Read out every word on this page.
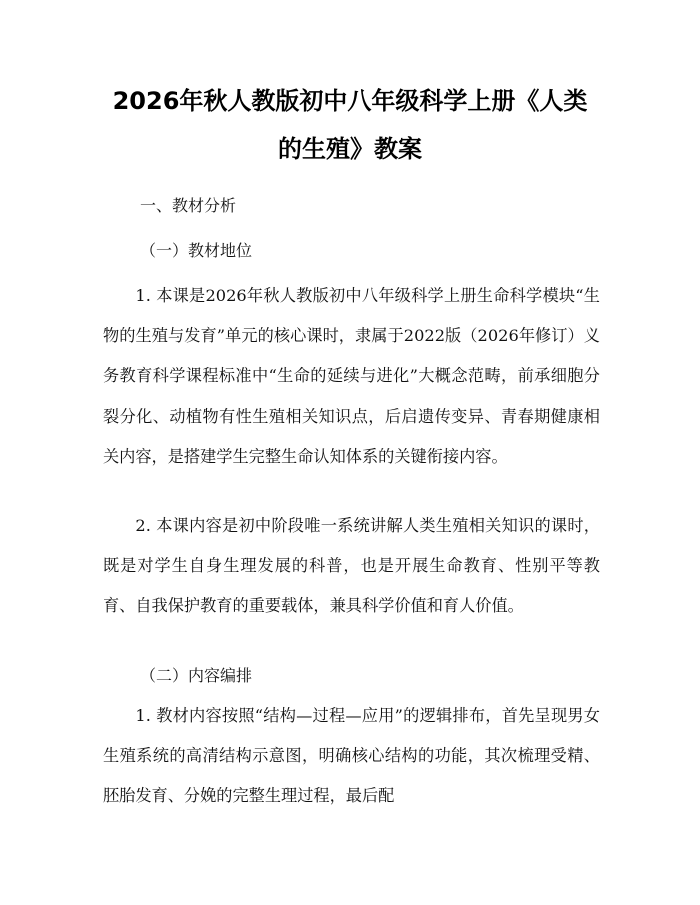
2026年秋人教版初中八年级科学上册《人类
的生殖》教案
一、教材分析
（一）教材地位
1. 本课是2026年秋人教版初中八年级科学上册生命科学模块“生物的生殖与发育”单元的核心课时，隶属于2022版（2026年修订）义务教育科学课程标准中“生命的延续与进化”大概念范畴，前承细胞分裂分化、动植物有性生殖相关知识点，后启遗传变异、青春期健康相关内容，是搭建学生完整生命认知体系的关键衔接内容。
2. 本课内容是初中阶段唯一系统讲解人类生殖相关知识的课时，既是对学生自身生理发展的科普，也是开展生命教育、性别平等教育、自我保护教育的重要载体，兼具科学价值和育人价值。
（二）内容编排
1. 教材内容按照“结构—过程—应用”的逻辑排布，首先呈现男女生殖系统的高清结构示意图，明确核心结构的功能，其次梳理受精、胚胎发育、分娩的完整生理过程，最后配
